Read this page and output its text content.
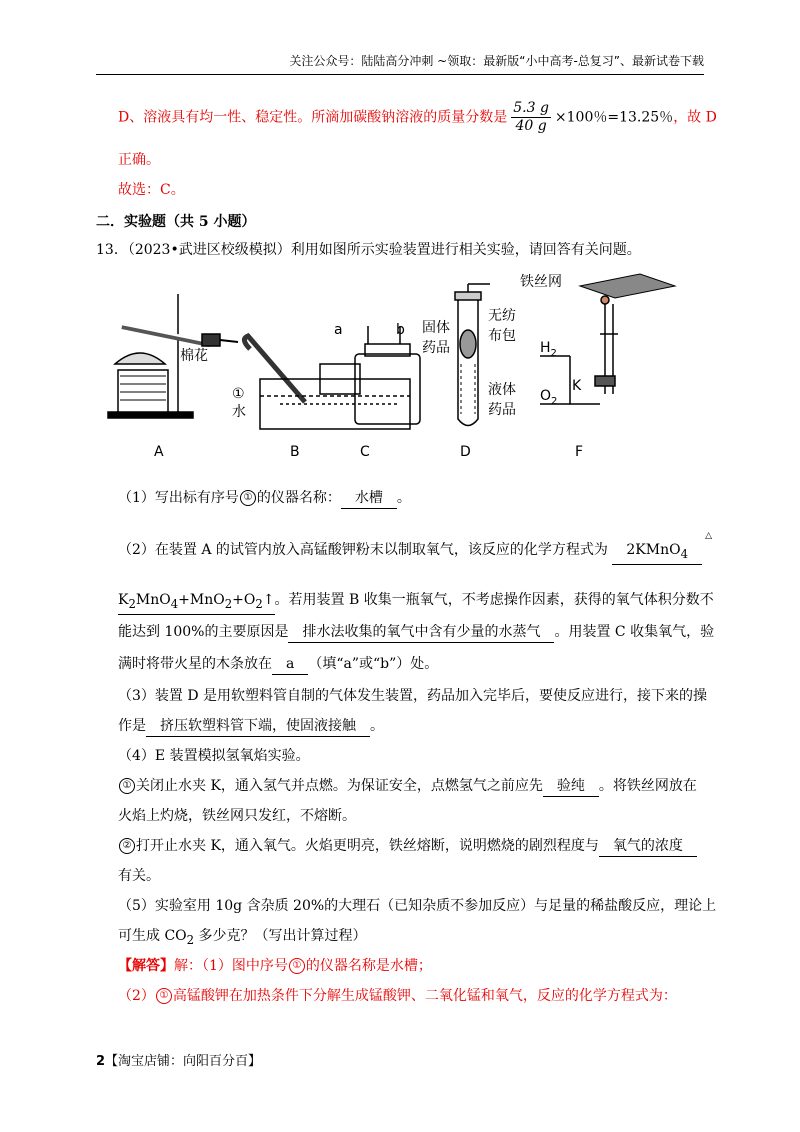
关注公众号：陆陆高分冲刺 ~领取：最新版“小中高考-总复习”、最新试卷下载
D、溶液具有均一性、稳定性。所滴加碳酸钠溶液的质量分数是 $\frac{5.3 g}{40 g} \times 100$％=13.25％，故 D
正确。
故选：C。
二．实验题（共 5 小题）
13．（2023•武进区校级模拟）利用如图所示实验装置进行相关实验，请回答有关问题。
棉花
①
水
a	b 固体
药品
无纺
布包
液体
药品
铁丝网
$H_2$
$O_2$
K
A	B	C	D	F
（1）写出标有序号 ① 的仪器名称： 水槽 。
（2）在装置 A 的试管内放入高锰酸钾粉末以制取氧气，该反应的化学方程式为 2KMnO$_4$
△
$K_2MnO_4+MnO_2+O_2↑$。若用装置 B 收集一瓶氧气，不考虑操作因素，获得的氧气体积分数不
能达到 100%的主要原因是 排水法收集的氧气中含有少量的水蒸气 。用装置 C 收集氧气，验
满时将带火星的木条放在 a （填“a”或“b”）处。
（3）装置 D 是用软塑料管自制的气体发生装置，药品加入完毕后，要使反应进行，接下来的操
作是 挤压软塑料管下端，使固液接触 。
（4）E 装置模拟氢氧焰实验。
① 关闭止水夹 K，通入氢气并点燃。为保证安全，点燃氢气之前应先 验纯 。将铁丝网放在
火焰上灼烧，铁丝网只发红，不熔断。
② 打开止水夹 K，通入氧气。火焰更明亮，铁丝熔断，说明燃烧的剧烈程度与 氧气的浓度
有关。
（5）实验室用 10g 含杂质 20%的大理石（已知杂质不参加反应）与足量的稀盐酸反应，理论上
可生成 $CO_2$ 多少克？（写出计算过程）
【解答】解：（1）图中序号 ① 的仪器名称是水槽；
（2） ① 高锰酸钾在加热条件下分解生成锰酸钾、二氧化锰和氧气，反应的化学方程式为：
2【淘宝店铺：向阳百分百】
